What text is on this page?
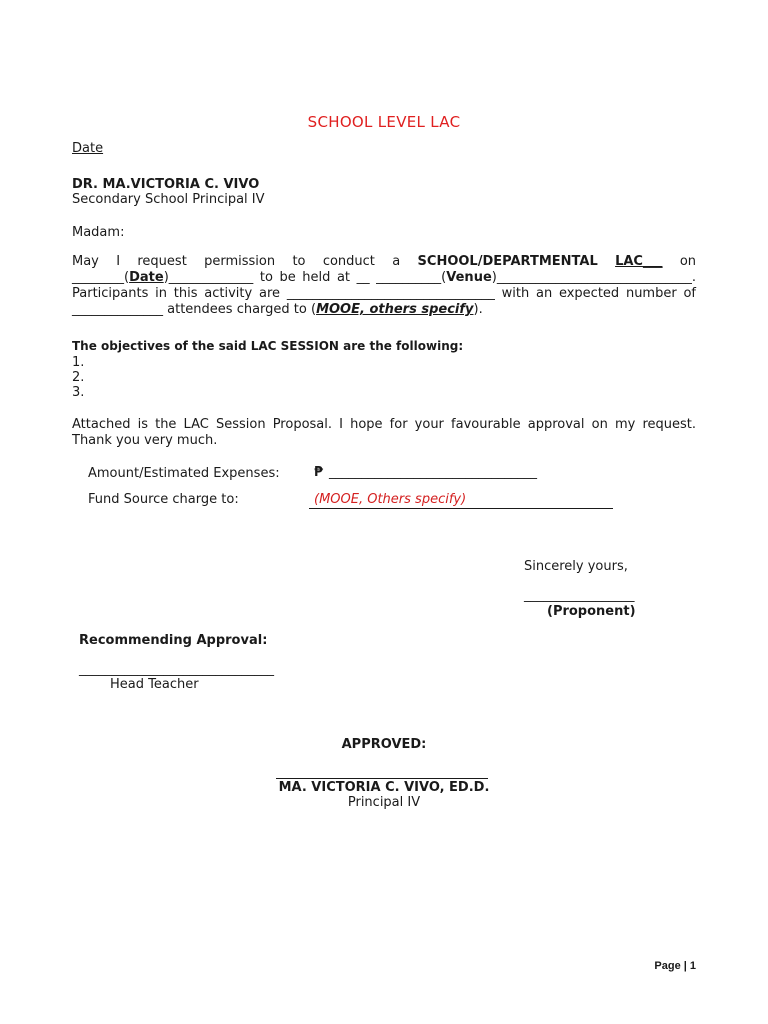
SCHOOL LEVEL LAC
Date
DR. MA.VICTORIA C. VIVO
Secondary School Principal IV
Madam:
May I request permission to conduct a SCHOOL/DEPARTMENTAL LAC___ on
________(Date)_____________ to be held at __ __________(Venue)______________________________.
Participants in this activity are ________________________________ with an expected number of
______________ attendees charged to (MOOE, others specify).
The objectives of the said LAC SESSION are the following:
1.
2.
3.
Attached is the LAC Session Proposal. I hope for your favourable approval on my request.
Thank you very much.
Amount/Estimated Expenses:	₱ ________________________________
Fund Source charge to:	(MOOE, Others specify)
Sincerely yours,
_________________
(Proponent)
Recommending Approval:
______________________________
Head Teacher
APPROVED:
MA. VICTORIA C. VIVO, ED.D.
Principal IV
Page | 1
